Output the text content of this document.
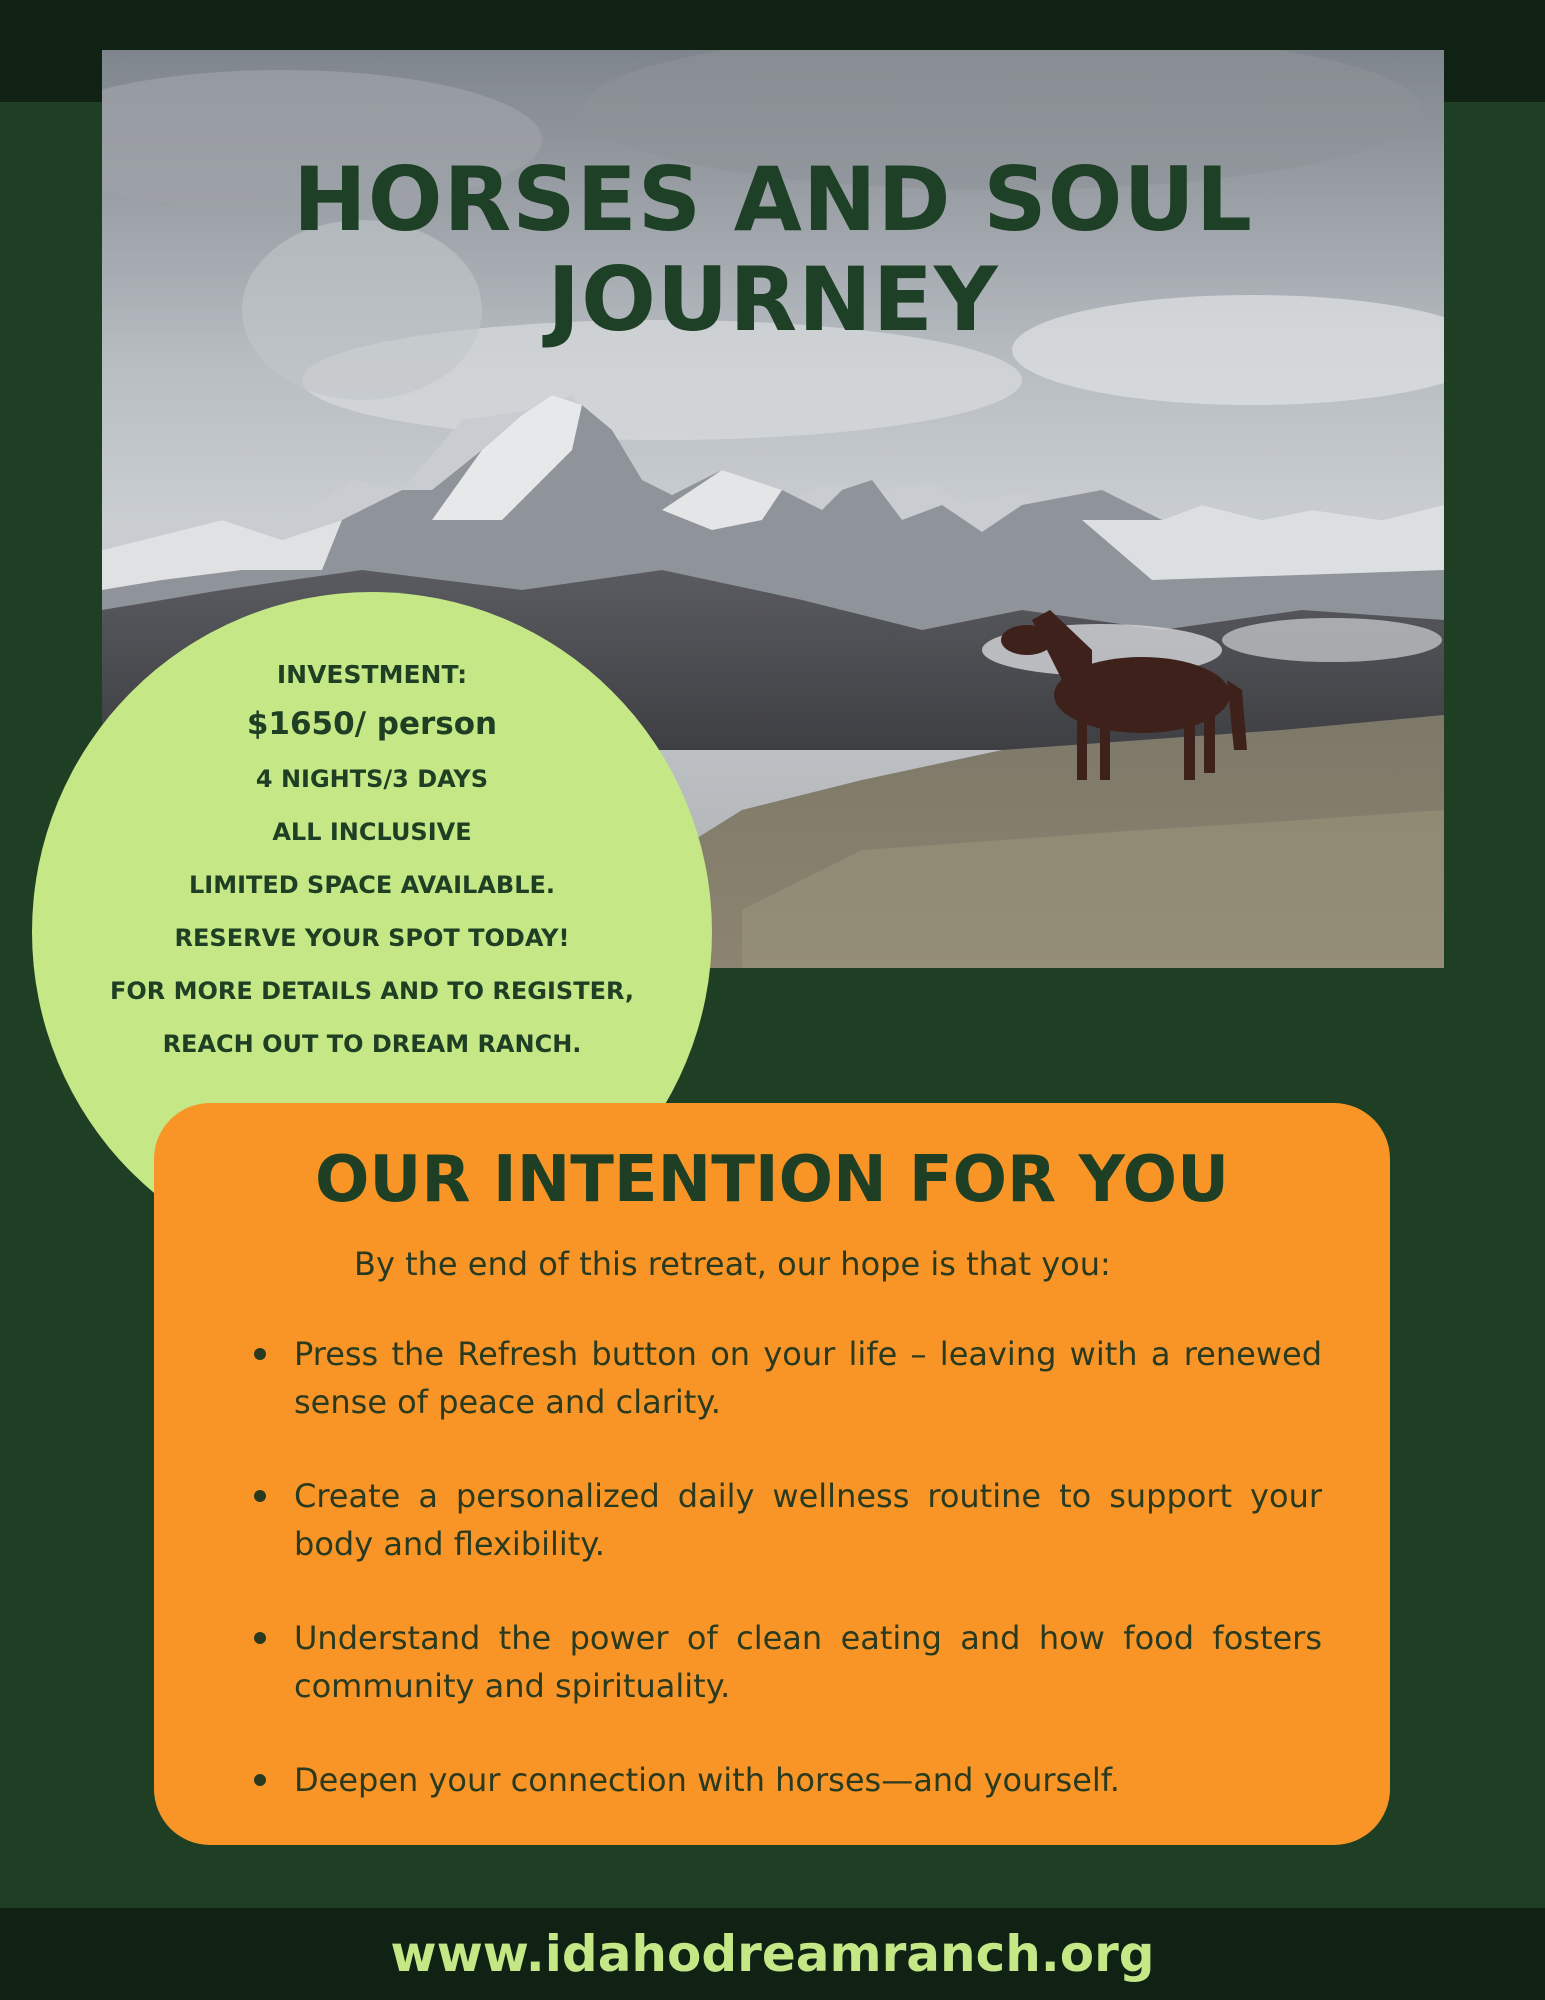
HORSES AND SOUL
JOURNEY
INVESTMENT:
$1650/ person
4 NIGHTS/3 DAYS
ALL INCLUSIVE
LIMITED SPACE AVAILABLE.
RESERVE YOUR SPOT TODAY!
FOR MORE DETAILS AND TO REGISTER,
REACH OUT TO DREAM RANCH.
OUR INTENTION FOR YOU
By the end of this retreat, our hope is that you:
Press the Refresh button on your life – leaving with a renewed sense of peace and clarity.
Create a personalized daily wellness routine to support your body and flexibility.
Understand the power of clean eating and how food fosters community and spirituality.
Deepen your connection with horses—and yourself.
www.idahodreamranch.org
